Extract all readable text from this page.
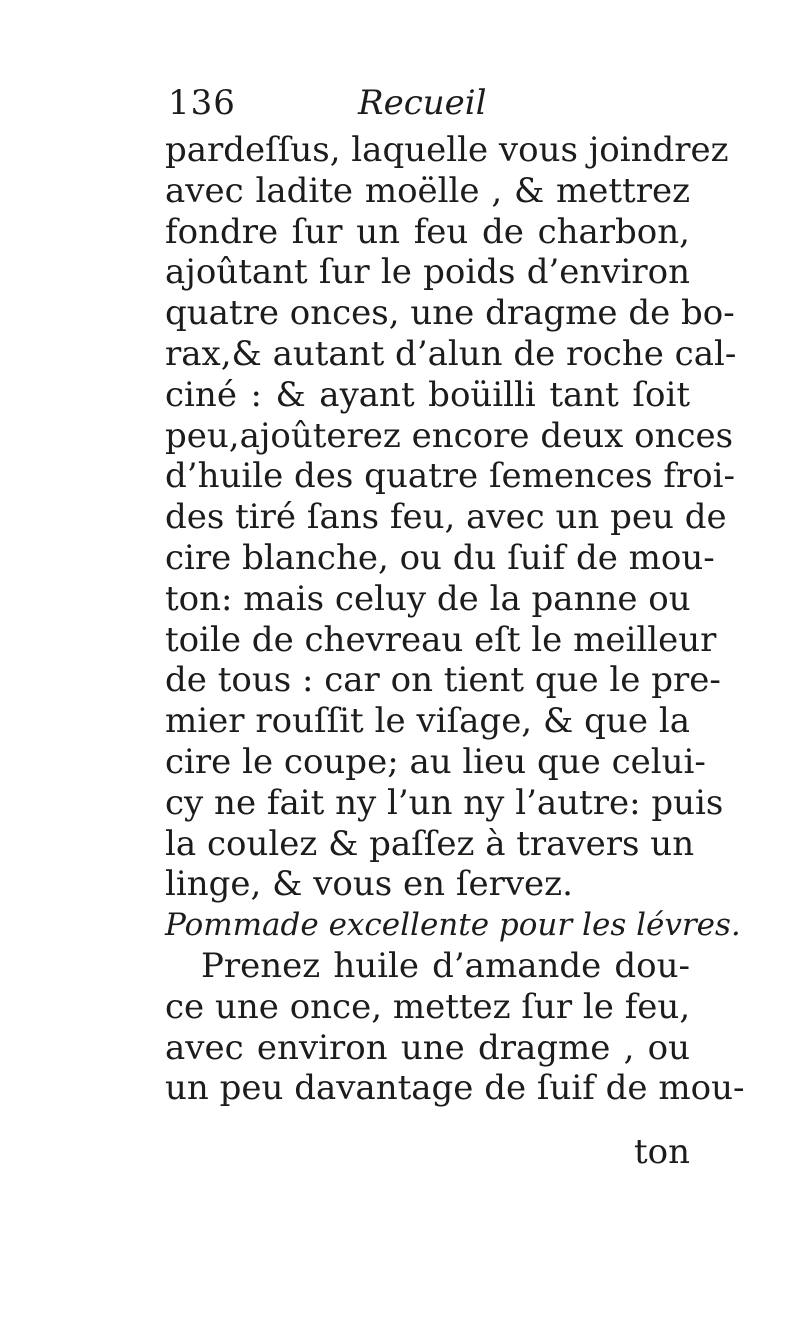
136	Recueil
pardeſſus, laquelle vous joindrez
avec ladite moëlle , & mettrez
fondre ſur un feu de charbon,
ajoûtant ſur le poids d’environ
quatre onces, une dragme de bo-
rax,& autant d’alun de roche cal-
ciné : & ayant boüilli tant ſoit
peu,ajoûterez encore deux onces
d’huile des quatre ſemences froi-
des tiré ſans feu, avec un peu de
cire blanche, ou du ſuif de mou-
ton: mais celuy de la panne ou
toile de chevreau eſt le meilleur
de tous : car on tient que le pre-
mier rouſſit le viſage, & que la
cire le coupe; au lieu que celui-
cy ne fait ny l’un ny l’autre: puis
la coulez & paſſez à travers un
linge, & vous en ſervez.
Pommade excellente pour les lévres.
Prenez huile d’amande dou-
ce une once, mettez ſur le feu,
avec environ une dragme , ou
un peu davantage de ſuif de mou-
ton
